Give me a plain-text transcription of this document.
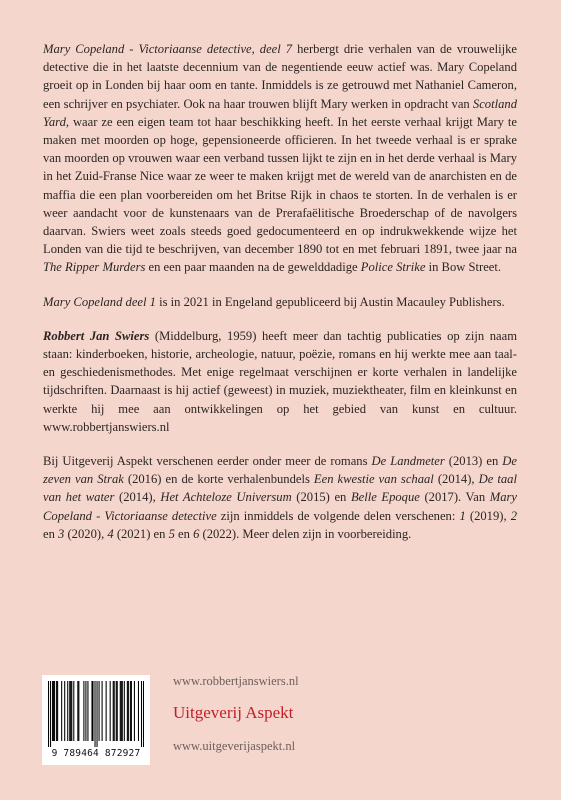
Mary Copeland - Victoriaanse detective, deel 7 herbergt drie verhalen van de vrouwelijke detective die in het laatste decennium van de negentiende eeuw actief was. Mary Copeland groeit op in Londen bij haar oom en tante. Inmiddels is ze getrouwd met Nathaniel Cameron, een schrijver en psychiater. Ook na haar trouwen blijft Mary werken in opdracht van Scotland Yard, waar ze een eigen team tot haar beschikking heeft. In het eerste verhaal krijgt Mary te maken met moorden op hoge, gepensioneerde officieren. In het tweede verhaal is er sprake van moorden op vrouwen waar een verband tussen lijkt te zijn en in het derde verhaal is Mary in het Zuid-Franse Nice waar ze weer te maken krijgt met de wereld van de anarchisten en de maffia die een plan voorbereiden om het Britse Rijk in chaos te storten. In de verhalen is er weer aandacht voor de kunstenaars van de Prerafaëlitische Broederschap of de navolgers daarvan. Swiers weet zoals steeds goed gedocumenteerd en op indrukwekkende wijze het Londen van die tijd te beschrijven, van december 1890 tot en met februari 1891, twee jaar na The Ripper Murders en een paar maanden na de gewelddadige Police Strike in Bow Street.

Mary Copeland deel 1 is in 2021 in Engeland gepubliceerd bij Austin Macauley Publishers.

Robbert Jan Swiers (Middelburg, 1959) heeft meer dan tachtig publicaties op zijn naam staan: kinderboeken, historie, archeologie, natuur, poëzie, romans en hij werkte mee aan taal- en geschiedenismethodes. Met enige regelmaat verschijnen er korte verhalen in landelijke tijdschriften. Daarnaast is hij actief (geweest) in muziek, muziektheater, film en kleinkunst en werkte hij mee aan ontwikkelingen op het gebied van kunst en cultuur. www.robbertjanswiers.nl

Bij Uitgeverij Aspekt verschenen eerder onder meer de romans De Landmeter (2013) en De zeven van Strak (2016) en de korte verhalenbundels Een kwestie van schaal (2014), De taal van het water (2014), Het Achteloze Universum (2015) en Belle Epoque (2017). Van Mary Copeland - Victoriaanse detective zijn inmiddels de volgende delen verschenen: 1 (2019), 2 en 3 (2020), 4 (2021) en 5 en 6 (2022). Meer delen zijn in voorbereiding.

9 789464 872927
www.robbertjanswiers.nl
Uitgeverij Aspekt
www.uitgeverijaspekt.nl
